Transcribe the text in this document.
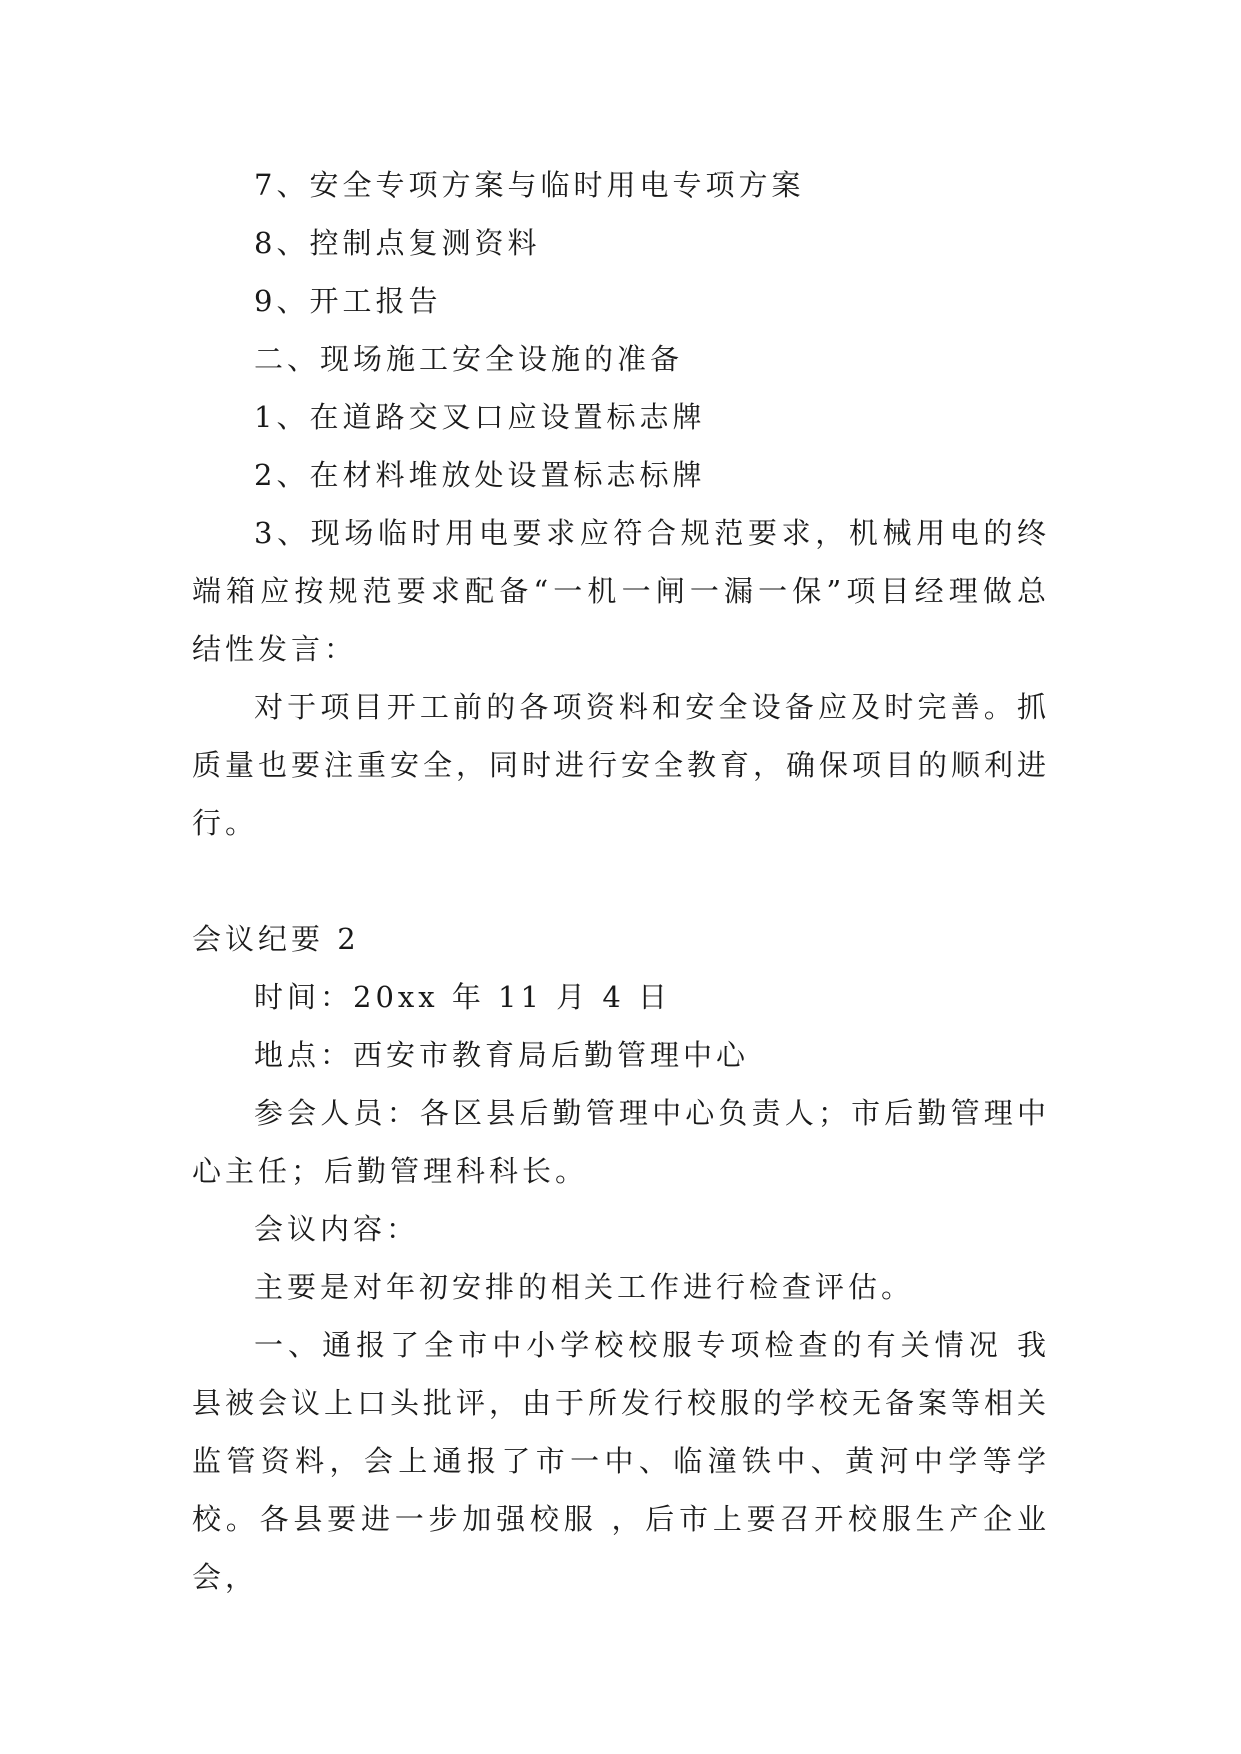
7、安全专项方案与临时用电专项方案

8、控制点复测资料

9、开工报告

二、现场施工安全设施的准备

1、在道路交叉口应设置标志牌

2、在材料堆放处设置标志标牌

3、现场临时用电要求应符合规范要求，机械用电的终端箱应按规范要求配备“一机一闸一漏一保”项目经理做总结性发言：

对于项目开工前的各项资料和安全设备应及时完善。抓质量也要注重安全，同时进行安全教育，确保项目的顺利进行。

会议纪要 2

时间：20xx 年 11 月 4 日

地点：西安市教育局后勤管理中心

参会人员：各区县后勤管理中心负责人；市后勤管理中心主任；后勤管理科科长。

会议内容：

主要是对年初安排的相关工作进行检查评估。

一、通报了全市中小学校校服专项检查的有关情况 我县被会议上口头批评，由于所发行校服的学校无备案等相关监管资料，会上通报了市一中、临潼铁中、黄河中学等学校。各县要进一步加强校服 ，后市上要召开校服生产企业会，
